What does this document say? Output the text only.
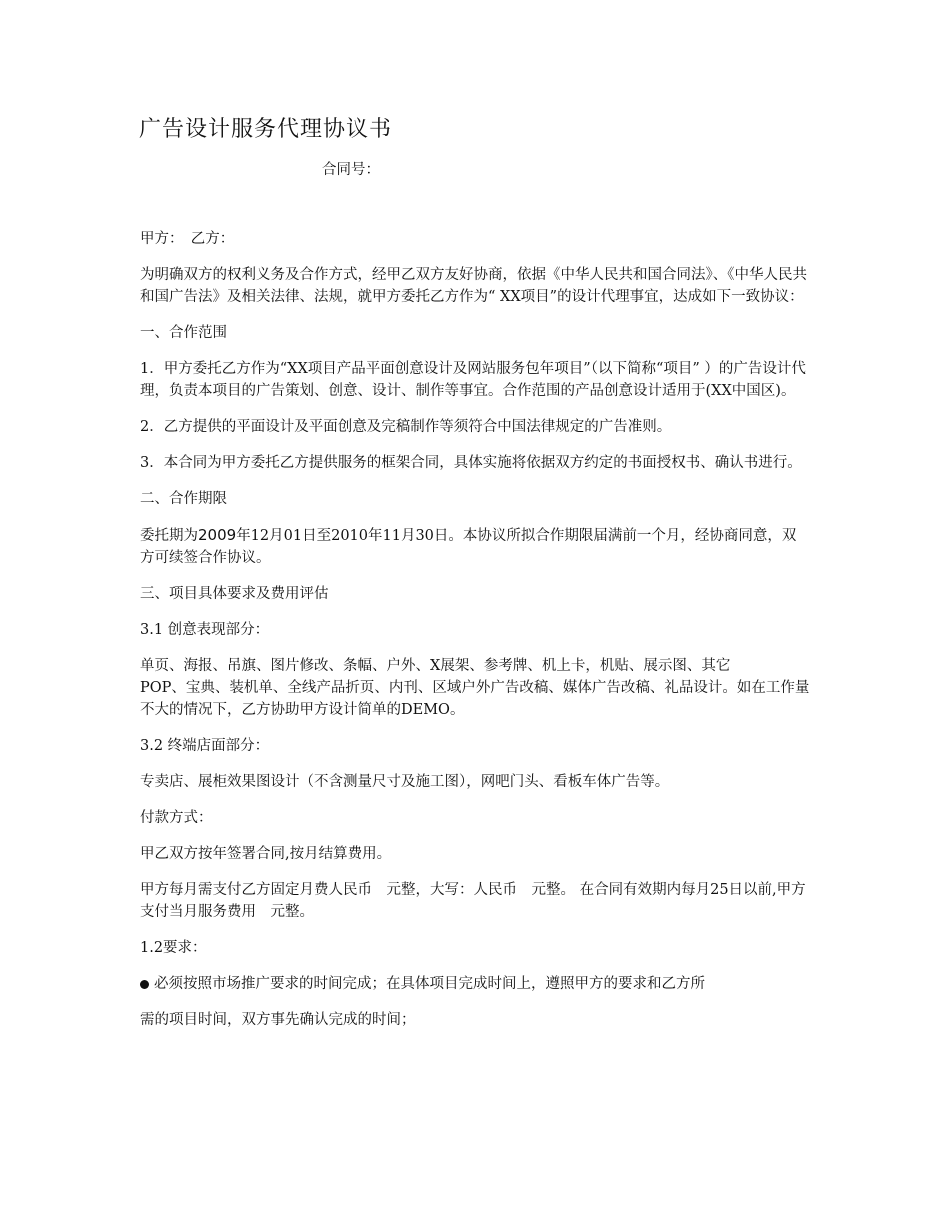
广告设计服务代理协议书
合同号：

甲方：　乙方：

为明确双方的权利义务及合作方式，经甲乙双方友好协商，依据《中华人民共和国合同法》、《中华人民共和国广告法》及相关法律、法规，就甲方委托乙方作为“ XX项目”的设计代理事宜，达成如下一致协议：

一、合作范围

1．甲方委托乙方作为“XX项目产品平面创意设计及网站服务包年项目”（以下简称“项目” ）的广告设计代理，负责本项目的广告策划、创意、设计、制作等事宜。合作范围的产品创意设计适用于(XX中国区)。

2．乙方提供的平面设计及平面创意及完稿制作等须符合中国法律规定的广告准则。

3．本合同为甲方委托乙方提供服务的框架合同，具体实施将依据双方约定的书面授权书、确认书进行。

二、合作期限

委托期为2009年12月01日至2010年11月30日。本协议所拟合作期限届满前一个月，经协商同意，双方可续签合作协议。

三、项目具体要求及费用评估

3.1 创意表现部分：

单页、海报、吊旗、图片修改、条幅、户外、X展架、参考牌、机上卡，机贴、展示图、其它
POP、宝典、装机单、全线产品折页、内刊、区域户外广告改稿、媒体广告改稿、礼品设计。如在工作量不大的情况下，乙方协助甲方设计简单的DEMO。

3.2 终端店面部分：

专卖店、展柜效果图设计（不含测量尺寸及施工图），网吧门头、看板车体广告等。

付款方式：

甲乙双方按年签署合同,按月结算费用。

甲方每月需支付乙方固定月费人民币　元整，大写：人民币　元整。 在合同有效期内每月25日以前,甲方支付当月服务费用　元整。

1.2要求：

必须按照市场推广要求的时间完成；在具体项目完成时间上，遵照甲方的要求和乙方所

需的项目时间，双方事先确认完成的时间；
